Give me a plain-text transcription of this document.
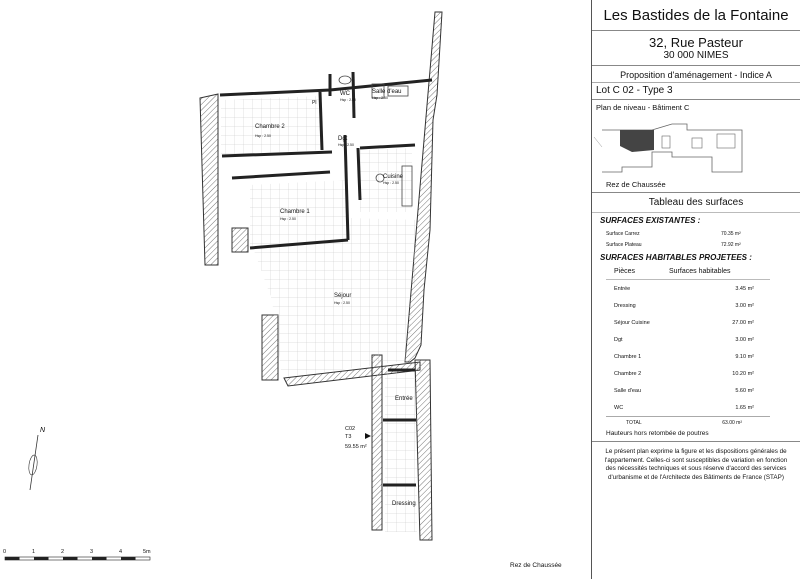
Chambre 2
Hsp : 2.50
WC
Hsp : 2.50
Salle d'eau
Hsp : 2.50
Pl
Dgt
Hsp : 2.50
Cuisine
Hsp : 2.50
Chambre 1
Hsp : 2.50
Séjour
Hsp : 2.50
Entrée
Dressing
C02
T3
59.55 m²
N
0	1	2	3	4	5m
Rez de Chaussée
Les Bastides de la Fontaine
32, Rue Pasteur
30 000 NIMES
Proposition d'aménagement - Indice A
Lot C 02 - Type 3
Plan de niveau - Bâtiment C
Rez de Chaussée
Tableau des surfaces
SURFACES EXISTANTES :
Surface Carrez	70.35 m²
Surface Plateau	72.92 m²
SURFACES HABITABLES PROJETEES :
Pièces	Surfaces habitables
Entrée	3.45 m²
Dressing	3.00 m²
Séjour Cuisine	27.00 m²
Dgt	3.00 m²
Chambre 1	9.10 m²
Chambre 2	10.20 m²
Salle d'eau	5.60 m²
WC	1.65 m²
TOTAL	63.00 m²
Hauteurs hors retombée de poutres
Le présent plan exprime la figure et les dispositions générales de l'appartement. Celles-ci sont susceptibles de variation en fonction des nécessités techniques et sous réserve d'accord des services d'urbanisme et de l'Architecte des Bâtiments de France (STAP)
